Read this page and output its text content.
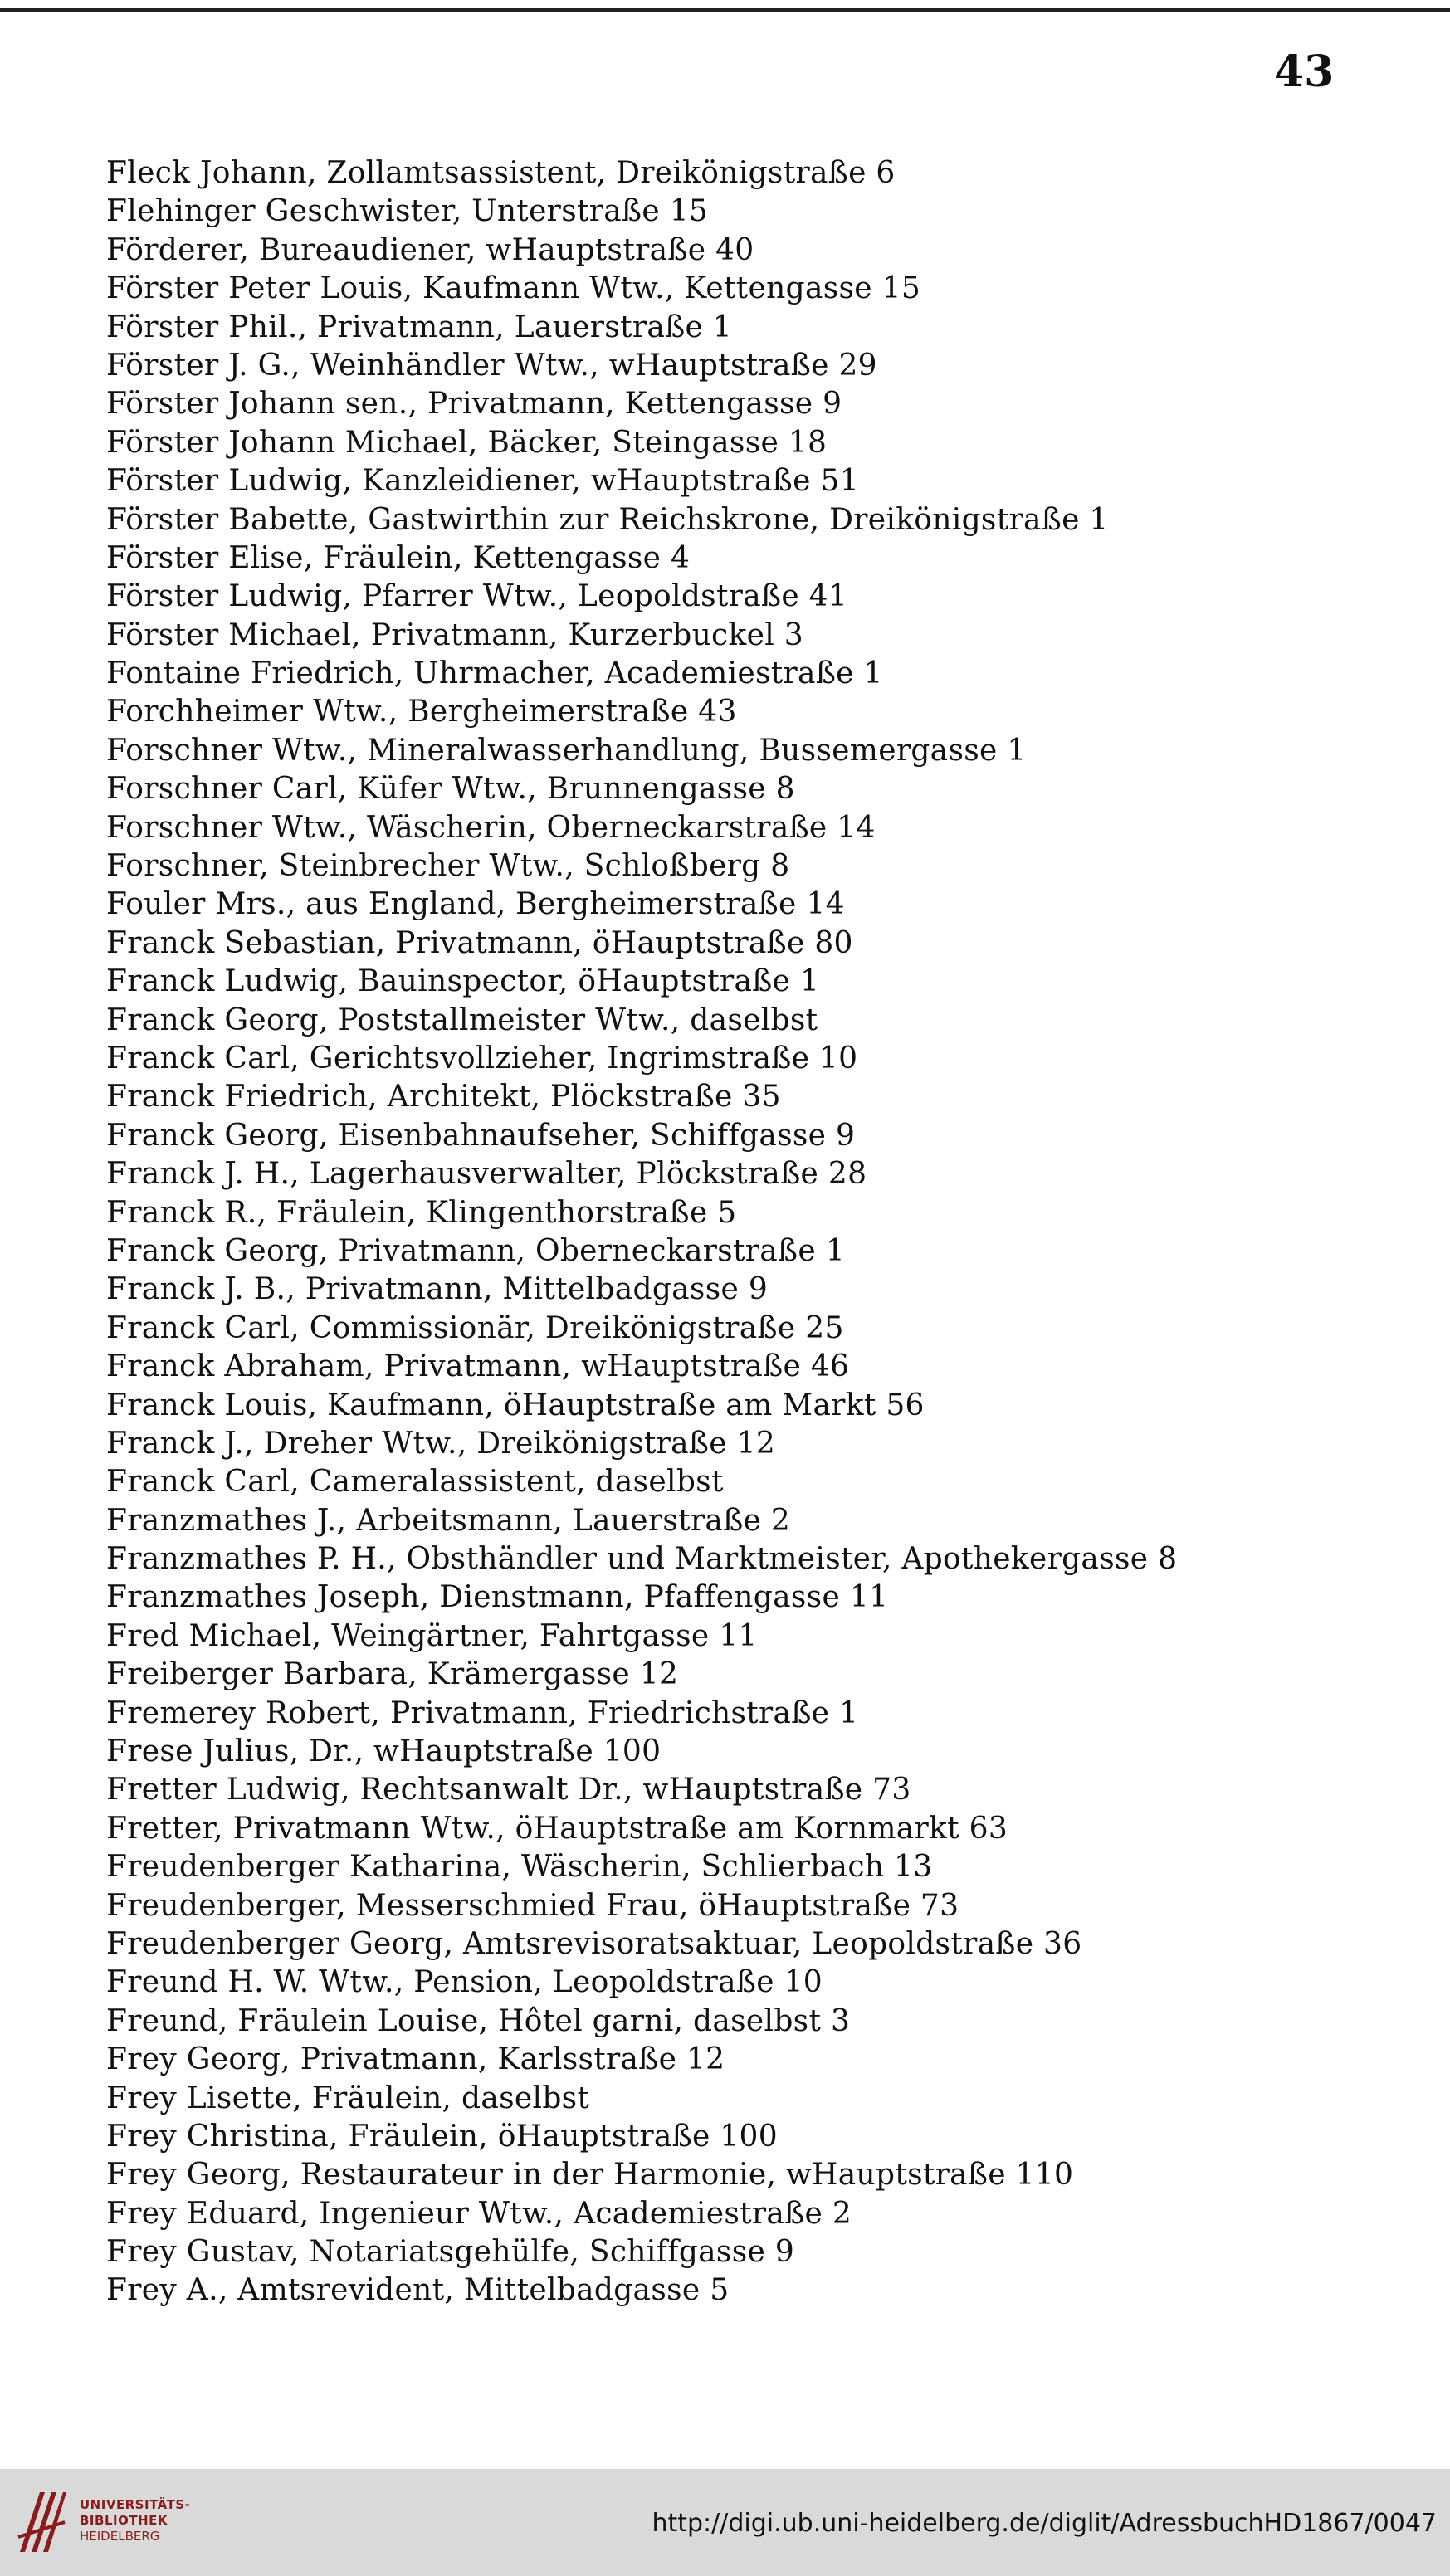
43
Fleck Johann, Zollamtsassistent, Dreikönigstraße 6
Flehinger Geschwister, Unterstraße 15
Förderer, Bureaudiener, wHauptstraße 40
Förster Peter Louis, Kaufmann Wtw., Kettengasse 15
Förster Phil., Privatmann, Lauerstraße 1
Förster J. G., Weinhändler Wtw., wHauptstraße 29
Förster Johann sen., Privatmann, Kettengasse 9
Förster Johann Michael, Bäcker, Steingasse 18
Förster Ludwig, Kanzleidiener, wHauptstraße 51
Förster Babette, Gastwirthin zur Reichskrone, Dreikönigstraße 1
Förster Elise, Fräulein, Kettengasse 4
Förster Ludwig, Pfarrer Wtw., Leopoldstraße 41
Förster Michael, Privatmann, Kurzerbuckel 3
Fontaine Friedrich, Uhrmacher, Academiestraße 1
Forchheimer Wtw., Bergheimerstraße 43
Forschner Wtw., Mineralwasserhandlung, Bussemergasse 1
Forschner Carl, Küfer Wtw., Brunnengasse 8
Forschner Wtw., Wäscherin, Oberneckarstraße 14
Forschner, Steinbrecher Wtw., Schloßberg 8
Fouler Mrs., aus England, Bergheimerstraße 14
Franck Sebastian, Privatmann, öHauptstraße 80
Franck Ludwig, Bauinspector, öHauptstraße 1
Franck Georg, Poststallmeister Wtw., daselbst
Franck Carl, Gerichtsvollzieher, Ingrimstraße 10
Franck Friedrich, Architekt, Plöckstraße 35
Franck Georg, Eisenbahnaufseher, Schiffgasse 9
Franck J. H., Lagerhausverwalter, Plöckstraße 28
Franck R., Fräulein, Klingenthorstraße 5
Franck Georg, Privatmann, Oberneckarstraße 1
Franck J. B., Privatmann, Mittelbadgasse 9
Franck Carl, Commissionär, Dreikönigstraße 25
Franck Abraham, Privatmann, wHauptstraße 46
Franck Louis, Kaufmann, öHauptstraße am Markt 56
Franck J., Dreher Wtw., Dreikönigstraße 12
Franck Carl, Cameralassistent, daselbst
Franzmathes J., Arbeitsmann, Lauerstraße 2
Franzmathes P. H., Obsthändler und Marktmeister, Apothekergasse 8
Franzmathes Joseph, Dienstmann, Pfaffengasse 11
Fred Michael, Weingärtner, Fahrtgasse 11
Freiberger Barbara, Krämergasse 12
Fremerey Robert, Privatmann, Friedrichstraße 1
Frese Julius, Dr., wHauptstraße 100
Fretter Ludwig, Rechtsanwalt Dr., wHauptstraße 73
Fretter, Privatmann Wtw., öHauptstraße am Kornmarkt 63
Freudenberger Katharina, Wäscherin, Schlierbach 13
Freudenberger, Messerschmied Frau, öHauptstraße 73
Freudenberger Georg, Amtsrevisoratsaktuar, Leopoldstraße 36
Freund H. W. Wtw., Pension, Leopoldstraße 10
Freund, Fräulein Louise, Hôtel garni, daselbst 3
Frey Georg, Privatmann, Karlsstraße 12
Frey Lisette, Fräulein, daselbst
Frey Christina, Fräulein, öHauptstraße 100
Frey Georg, Restaurateur in der Harmonie, wHauptstraße 110
Frey Eduard, Ingenieur Wtw., Academiestraße 2
Frey Gustav, Notariatsgehülfe, Schiffgasse 9
Frey A., Amtsrevident, Mittelbadgasse 5
UNIVERSITÄTS-
BIBLIOTHEK
HEIDELBERG	http://digi.ub.uni-heidelberg.de/diglit/AdressbuchHD1867/0047
